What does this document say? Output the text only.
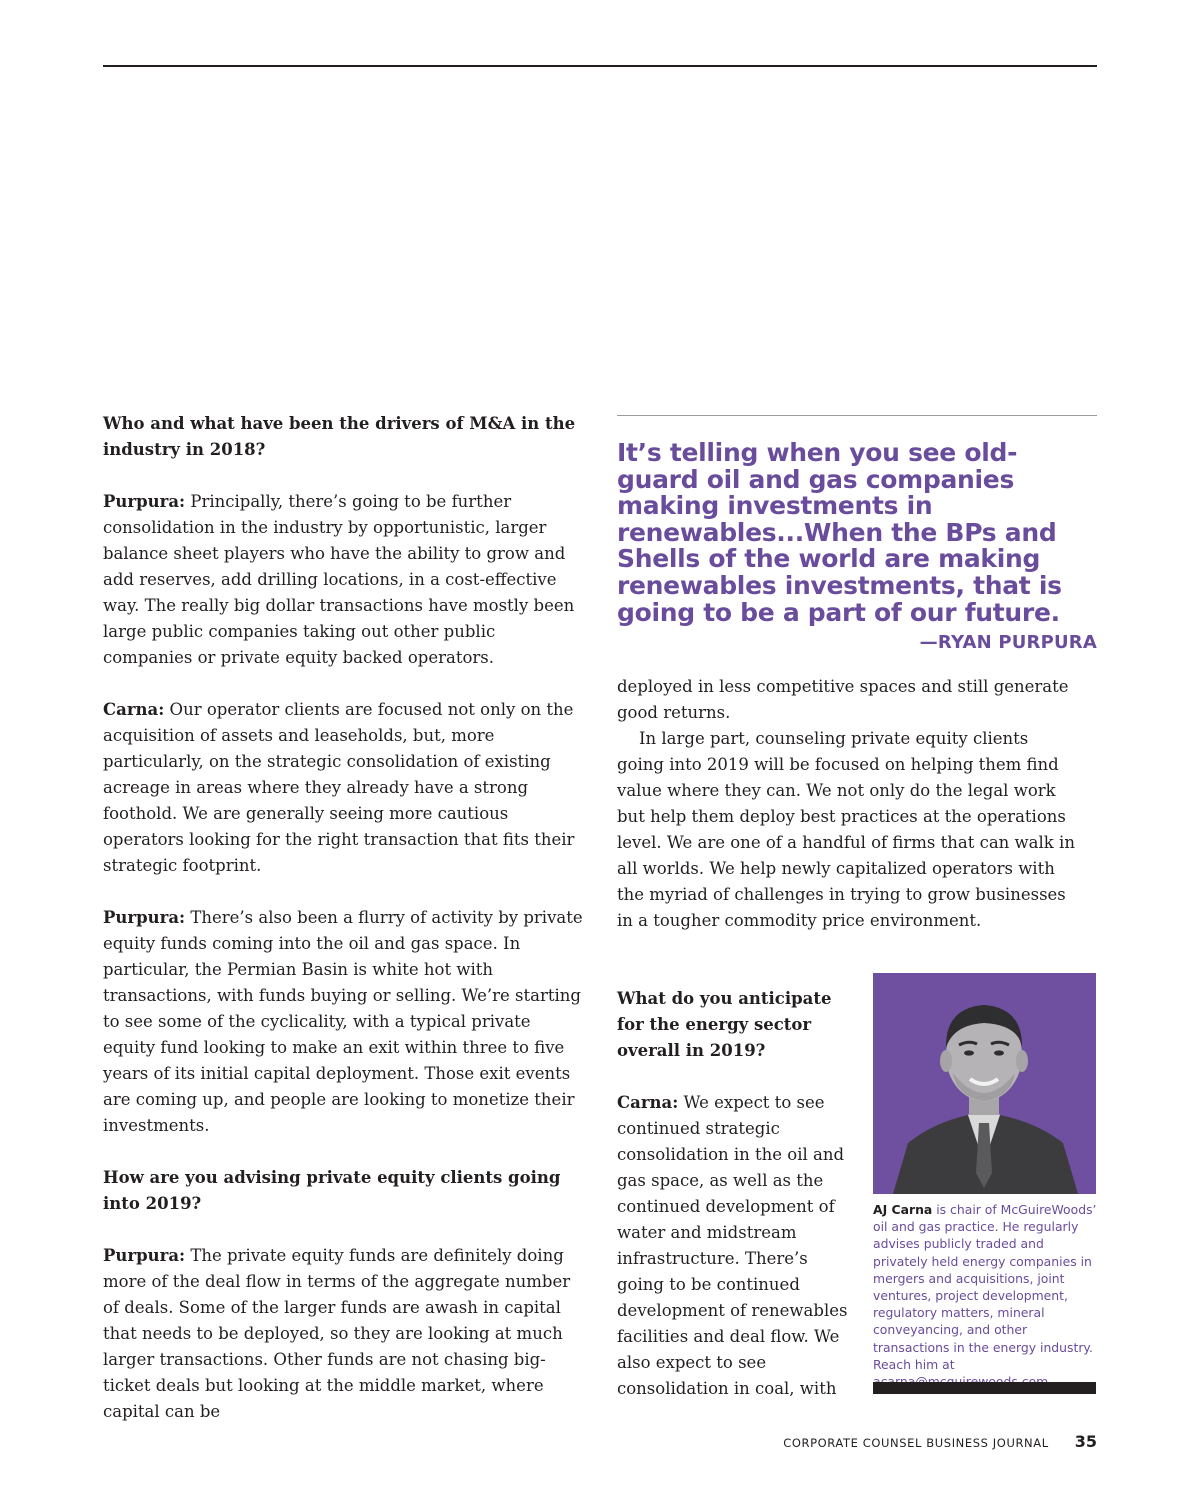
Who and what have been the drivers of M&A in the industry in 2018?

Purpura: Principally, there’s going to be further consolidation in the industry by opportunistic, larger balance sheet players who have the ability to grow and add reserves, add drilling locations, in a cost-effective way. The really big dollar transactions have mostly been large public companies taking out other public companies or private equity backed operators.

Carna: Our operator clients are focused not only on the acquisition of assets and leaseholds, but, more particularly, on the strategic consolidation of existing acreage in areas where they already have a strong foothold. We are generally seeing more cautious operators looking for the right transaction that fits their strategic footprint.

Purpura: There’s also been a flurry of activity by private equity funds coming into the oil and gas space. In particular, the Permian Basin is white hot with transactions, with funds buying or selling. We’re starting to see some of the cyclicality, with a typical private equity fund looking to make an exit within three to five years of its initial capital deployment. Those exit events are coming up, and people are looking to monetize their investments.

How are you advising private equity clients going into 2019?

Purpura: The private equity funds are definitely doing more of the deal flow in terms of the aggregate number of deals. Some of the larger funds are awash in capital that needs to be deployed, so they are looking at much larger transactions. Other funds are not chasing big-ticket deals but looking at the middle market, where capital can be

It’s telling when you see old-guard oil and gas companies making investments in renewables...When the BPs and Shells of the world are making renewables investments, that is going to be a part of our future.

—RYAN PURPURA

deployed in less competitive spaces and still generate good returns.

In large part, counseling private equity clients going into 2019 will be focused on helping them find value where they can. We not only do the legal work but help them deploy best practices at the operations level. We are one of a handful of firms that can walk in all worlds. We help newly capitalized operators with the myriad of challenges in trying to grow businesses in a tougher commodity price environment.

What do you anticipate for the energy sector overall in 2019?

Carna: We expect to see continued strategic consolidation in the oil and gas space, as well as the continued development of water and midstream infrastructure. There’s going to be continued development of renewables facilities and deal flow. We also expect to see consolidation in coal, with

AJ Carna is chair of McGuireWoods’ oil and gas practice. He regularly advises publicly traded and privately held energy companies in mergers and acquisitions, joint ventures, project development, regulatory matters, mineral conveyancing, and other transactions in the energy industry. Reach him at

CORPORATE COUNSEL BUSINESS JOURNAL 35
